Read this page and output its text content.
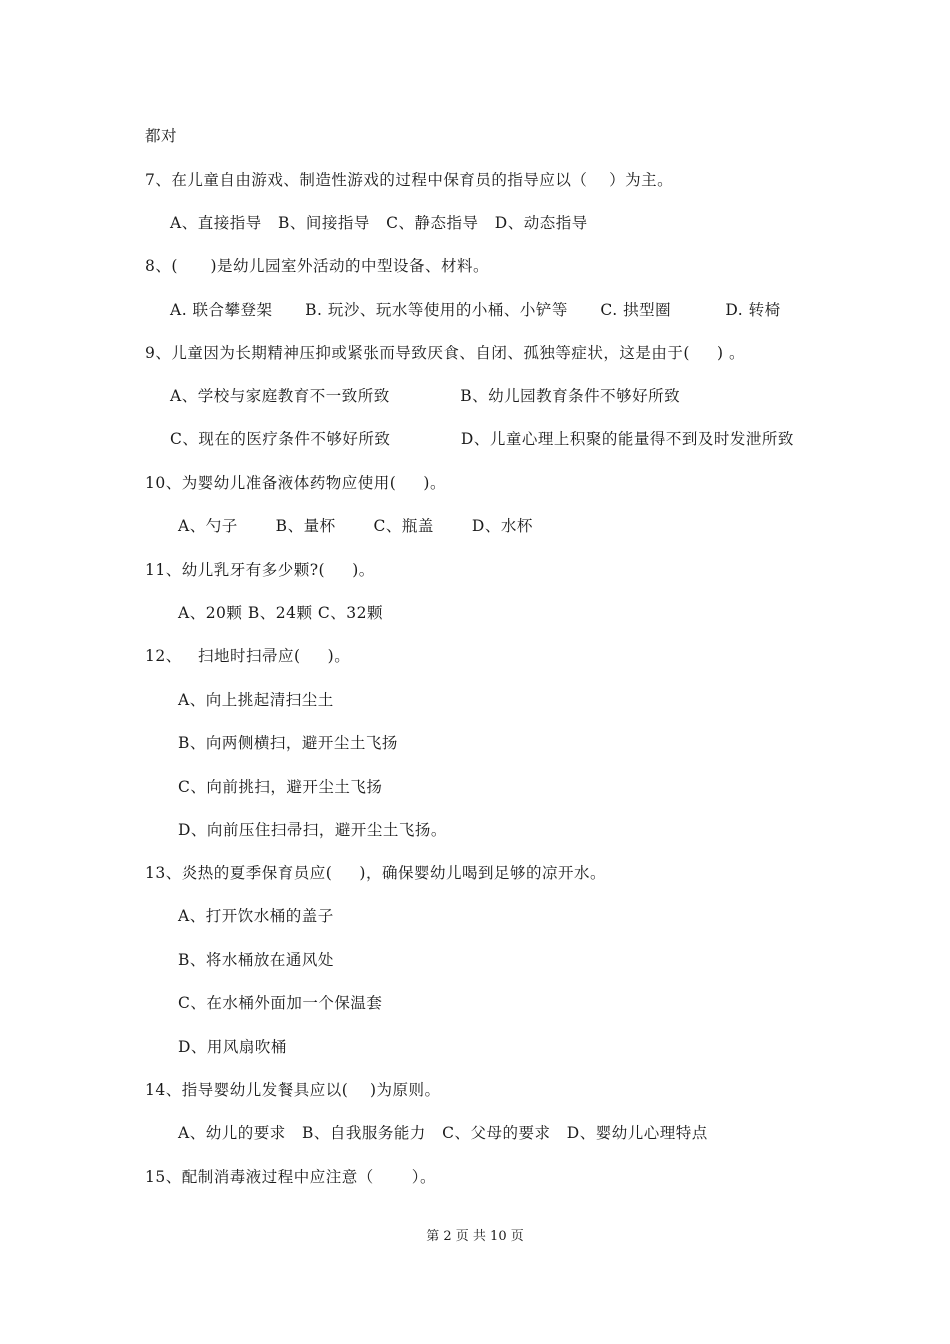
都对
7、在儿童自由游戏、制造性游戏的过程中保育员的指导应以（    ）为主。
A、直接指导   B、间接指导   C、静态指导   D、动态指导
8、(      )是幼儿园室外活动的中型设备、材料。
A. 联合攀登架      B. 玩沙、玩水等使用的小桶、小铲等      C. 拱型圈          D. 转椅
9、儿童因为长期精神压抑或紧张而导致厌食、自闭、孤独等症状，这是由于(     ) 。
A、学校与家庭教育不一致所致             B、幼儿园教育条件不够好所致
C、现在的医疗条件不够好所致             D、儿童心理上积聚的能量得不到及时发泄所致
10、为婴幼儿准备液体药物应使用(     )。
A、勺子       B、量杯       C、瓶盖       D、水杯
11、幼儿乳牙有多少颗?(     )。
A、20颗 B、24颗 C、32颗
12、   扫地时扫帚应(     )。
A、向上挑起清扫尘土
B、向两侧横扫，避开尘土飞扬
C、向前挑扫，避开尘土飞扬
D、向前压住扫帚扫，避开尘土飞扬。
13、炎热的夏季保育员应(     )，确保婴幼儿喝到足够的凉开水。
A、打开饮水桶的盖子
B、将水桶放在通风处
C、在水桶外面加一个保温套
D、用风扇吹桶
14、指导婴幼儿发餐具应以(    )为原则。
A、幼儿的要求   B、自我服务能力   C、父母的要求   D、婴幼儿心理特点
15、配制消毒液过程中应注意（       ）。
第 2 页 共 10 页
